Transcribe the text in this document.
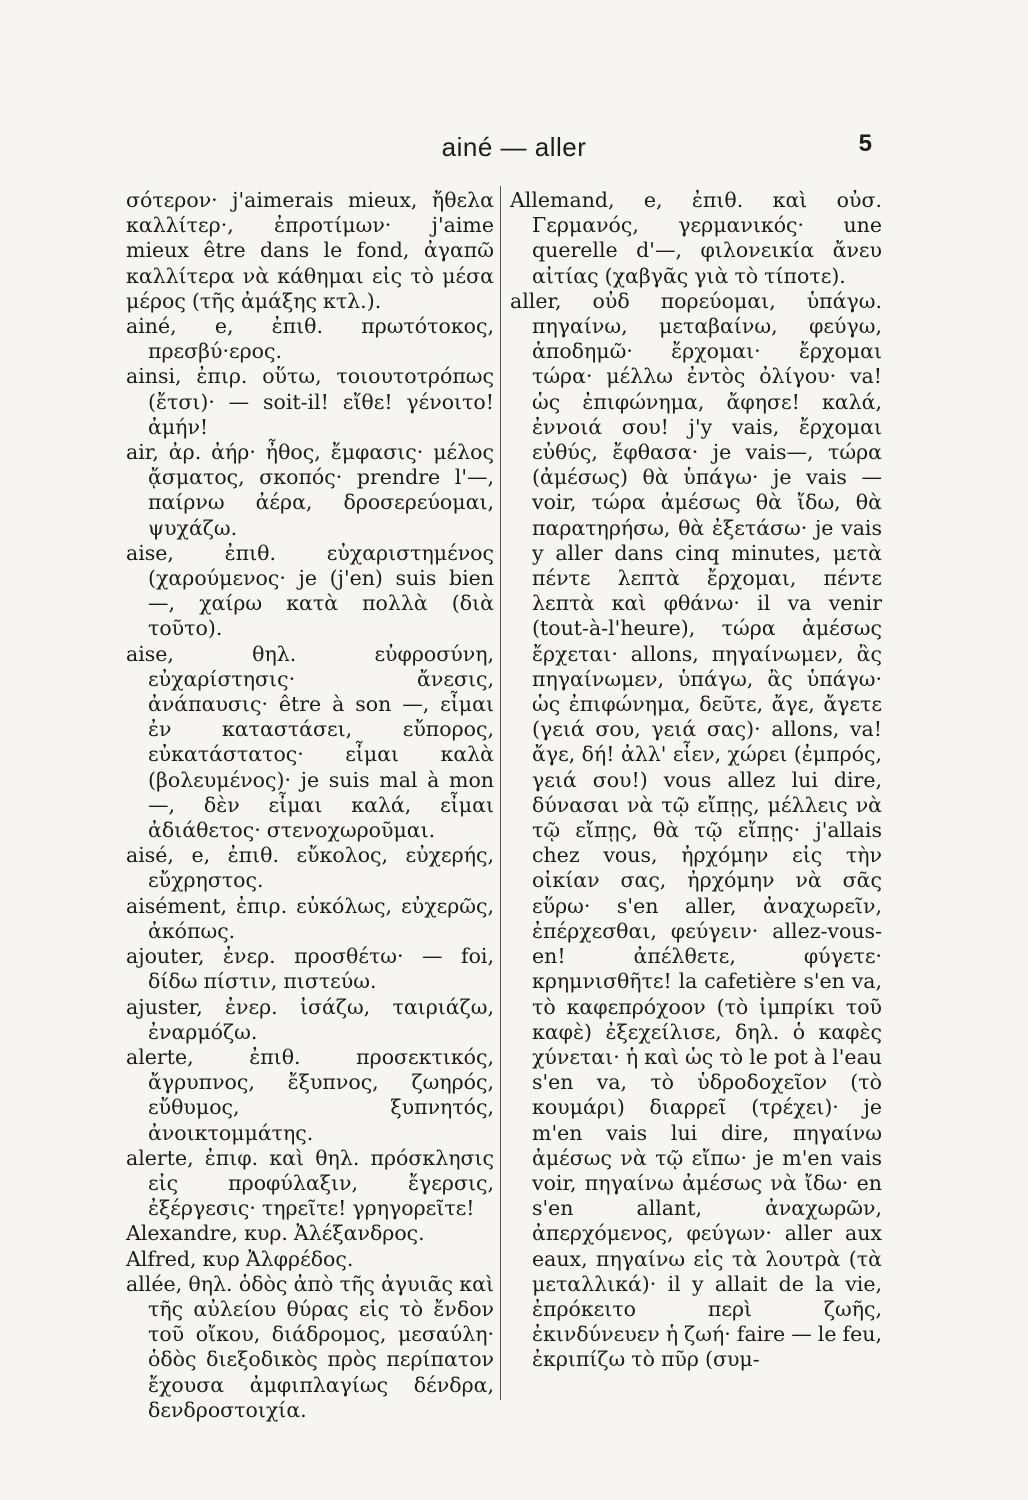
ainé — aller	5

σότερον· j'aimerais mieux, ἤθελα καλλίτερ·, ἐπροτίμων· j'aime mieux être dans le fond, ἀγαπῶ καλλίτερα νὰ κάθημαι εἰς τὸ μέσα μέρος (τῆς ἀμάξης κτλ.).

ainé, e, ἐπιθ. πρωτότοκος, πρεσβύ·ερος.

ainsi, ἐπιρ. οὕτω, τοιουτοτρόπως (ἔτσι)· — soit-il! εἴθε! γένοιτο! ἀμήν!

air, ἀρ. ἀήρ· ἦθος, ἔμφασις· μέλος ᾄσματος, σκοπός· prendre l'—, παίρνω ἀέρα, δροσερεύομαι, ψυχάζω.

aise, ἐπιθ. εὐχαριστημένος (χαρούμενος· je (j'en) suis bien —, χαίρω κατὰ πολλὰ (διὰ τοῦτο).

aise, θηλ. εὐφροσύνη, εὐχαρίστησις· ἄνεσις, ἀνάπαυσις· être à son —, εἶμαι ἐν καταστάσει, εὔπορος, εὐκατάστατος· εἶμαι καλὰ (βολευμένος)· je suis mal à mon —, δὲν εἶμαι καλά, εἶμαι ἀδιάθετος· στενοχωροῦμαι.

aisé, e, ἐπιθ. εὔκολος, εὐχερής, εὔχρηστος.

aisément, ἐπιρ. εὐκόλως, εὐχερῶς, ἀκόπως.

ajouter, ἐνερ. προσθέτω· — foi, δίδω πίστιν, πιστεύω.

ajuster, ἐνερ. ἰσάζω, ταιριάζω, ἐναρμόζω.

alerte, ἐπιθ. προσεκτικός, ἄγρυπνος, ἔξυπνος, ζωηρός, εὔθυμος, ξυπνητός, ἀνοικτομμάτης.

alerte, ἐπιφ. καὶ θηλ. πρόσκλησις εἰς προφύλαξιν, ἔγερσις, ἐξέργεσις· τηρεῖτε! γρηγορεῖτε!

Alexandre, κυρ. Ἀλέξανδρος.

Alfred, κυρ Ἀλφρέδος.

allée, θηλ. ὁδὸς ἀπὸ τῆς ἀγυιᾶς καὶ τῆς αὐλείου θύρας εἰς τὸ ἔνδον τοῦ οἴκου, διάδρομος, μεσαύλη· ὁδὸς διεξοδικὸς πρὸς περίπατον ἔχουσα ἀμφιπλαγίως δένδρα, δενδροστοιχία.

Allemand, e, ἐπιθ. καὶ οὐσ. Γερμανός, γερμανικός· une querelle d'—, φιλονεικία ἄνευ αἰτίας (χαβγᾶς γιὰ τὸ τίποτε).

aller, οὐδ πορεύομαι, ὑπάγω. πηγαίνω, μεταβαίνω, φεύγω, ἀποδημῶ· ἔρχομαι· ἔρχομαι τώρα· μέλλω ἐντὸς ὀλίγου· va! ὡς ἐπιφώνημα, ἄφησε! καλά, ἐννοιά σου! j'y vais, ἔρχομαι εὐθύς, ἔφθασα· je vais—, τώρα (ἀμέσως) θὰ ὑπάγω· je vais — voir, τώρα ἀμέσως θὰ ἴδω, θὰ παρατηρήσω, θὰ ἐξετάσω· je vais y aller dans cinq minutes, μετὰ πέντε λεπτὰ ἔρχομαι, πέντε λεπτὰ καὶ φθάνω· il va venir (tout-à-l'heure), τώρα ἀμέσως ἔρχεται· allons, πηγαίνωμεν, ἂς πηγαίνωμεν, ὑπάγω, ἂς ὑπάγω· ὡς ἐπιφώνημα, δεῦτε, ἄγε, ἄγετε (γειά σου, γειά σας)· allons, va! ἄγε, δή! ἀλλ' εἶεν, χώρει (ἐμπρός, γειά σου!) vous allez lui dire, δύνασαι νὰ τῷ εἴπῃς, μέλλεις νὰ τῷ εἴπῃς, θὰ τῷ εἴπῃς· j'allais chez vous, ἠρχόμην εἰς τὴν οἰκίαν σας, ἠρχόμην νὰ σᾶς εὕρω· s'en aller, ἀναχωρεῖν, ἐπέρχεσθαι, φεύγειν· allez-vous-en! ἀπέλθετε, φύγετε· κρημνισθῆτε! la cafetière s'en va, τὸ καφεπρόχοον (τὸ ἰμπρίκι τοῦ καφὲ) ἐξεχείλισε, δηλ. ὁ καφὲς χύνεται· ἡ καὶ ὡς τὸ le pot à l'eau s'en va, τὸ ὑδροδοχεῖον (τὸ κουμάρι) διαρρεῖ (τρέχει)· je m'en vais lui dire, πηγαίνω ἀμέσως νὰ τῷ εἴπω· je m'en vais voir, πηγαίνω ἀμέσως νὰ ἴδω· en s'en allant, ἀναχωρῶν, ἀπερχόμενος, φεύγων· aller aux eaux, πηγαίνω εἰς τὰ λουτρὰ (τὰ μεταλλικά)· il y allait de la vie, ἐπρόκειτο περὶ ζωῆς, ἐκινδύνευεν ἡ ζωή· faire — le feu, ἐκριπίζω τὸ πῦρ (συμ-
